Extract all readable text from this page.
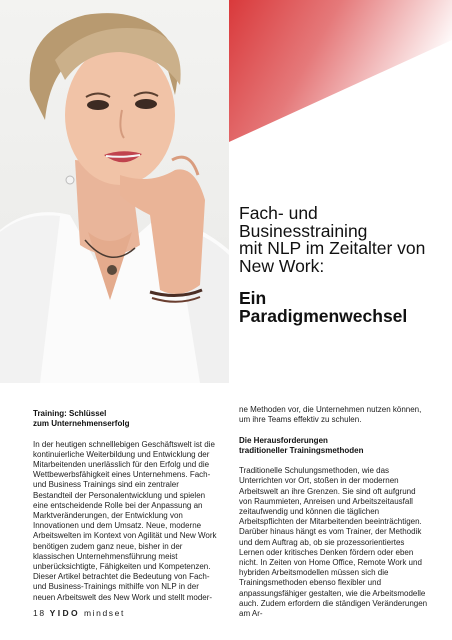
Fach- und
Businesstraining
mit NLP im Zeitalter von
New Work:
Ein
Paradigmenwechsel
Training: Schlüssel
zum Unternehmenserfolg

In der heutigen schnelllebigen Geschäftswelt ist die kontinuierliche Weiterbildung und Entwicklung der Mitarbeitenden unerlässlich für den Erfolg und die Wettbewerbsfähigkeit eines Unternehmens. Fach- und Business Trainings sind ein zentraler Bestandteil der Personalentwicklung und spielen eine entscheidende Rolle bei der Anpassung an Marktveränderungen, der Entwicklung von Innovationen und dem Umsatz. Neue, moderne Arbeitswelten im Kontext von Agilität und New Work benötigen zudem ganz neue, bisher in der klassischen Unternehmensführung meist unberücksichtigte, Fähigkeiten und Kompetenzen. Dieser Artikel betrachtet die Bedeutung von Fach- und Business-Trainings mithilfe von NLP in der neuen Arbeitswelt des New Work und stellt moder-

ne Methoden vor, die Unternehmen nutzen können, um ihre Teams effektiv zu schulen.

Die Herausforderungen
traditioneller Trainingsmethoden

Traditionelle Schulungsmethoden, wie das Unterrichten vor Ort, stoßen in der modernen Arbeitswelt an ihre Grenzen. Sie sind oft aufgrund von Raummieten, Anreisen und Arbeitszeitausfall zeitaufwendig und können die täglichen Arbeitspflichten der Mitarbeitenden beeinträchtigen. Darüber hinaus hängt es vom Trainer, der Methodik und dem Auftrag ab, ob sie prozessorientiertes Lernen oder kritisches Denken fördern oder eben nicht. In Zeiten von Home Office, Remote Work und hybriden Arbeitsmodellen müssen sich die Trainingsmethoden ebenso flexibler und anpassungsfähiger gestalten, wie die Arbeitsmodelle auch. Zudem erfordern die ständigen Veränderungen am Ar-

18 YIDO mindset
